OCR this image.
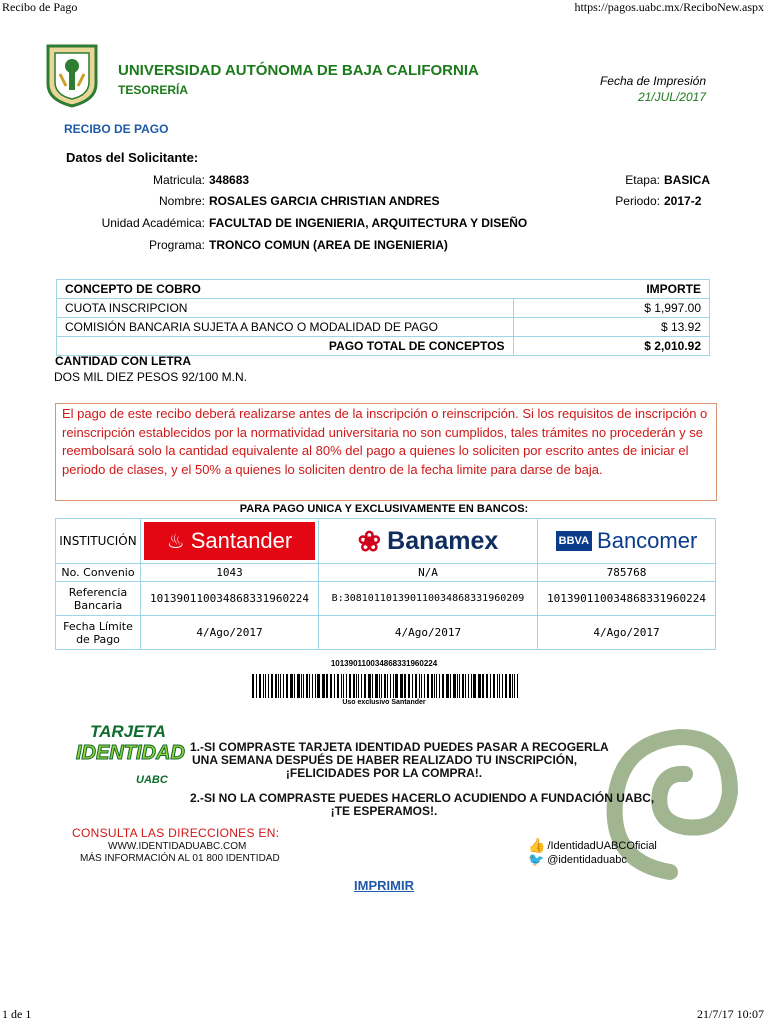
Recibo de Pago	https://pagos.uabc.mx/ReciboNew.aspx
1 de 1	21/7/17 10:07
UNIVERSIDAD AUTÓNOMA DE BAJA CALIFORNIA
TESORERÍA
Fecha de Impresión
21/JUL/2017
RECIBO DE PAGO
Datos del Solicitante:
Matricula: 348683
Nombre: ROSALES GARCIA CHRISTIAN ANDRES
Unidad Académica: FACULTAD DE INGENIERIA, ARQUITECTURA Y DISEÑO
Programa: TRONCO COMUN (AREA DE INGENIERIA)
Etapa: BASICA
Periodo: 2017-2
CONCEPTO DE COBRO	IMPORTE
CUOTA INSCRIPCION	$ 1,997.00
COMISIÓN BANCARIA SUJETA A BANCO O MODALIDAD DE PAGO	$ 13.92
PAGO TOTAL DE CONCEPTOS	$ 2,010.92
CANTIDAD CON LETRA
DOS MIL DIEZ PESOS 92/100 M.N.
El pago de este recibo deberá realizarse antes de la inscripción o reinscripción. Si los requisitos de inscripción o reinscripción establecidos por la normatividad universitaria no son cumplidos, tales trámites no procederán y se reembolsará solo la cantidad equivalente al 80% del pago a quienes lo soliciten por escrito antes de iniciar el periodo de clases, y el 50% a quienes lo soliciten dentro de la fecha limite para darse de baja.
PARA PAGO UNICA Y EXCLUSIVAMENTE EN BANCOS:
INSTITUCIÓN	♨ Santander	❀ Banamex	BBVA Bancomer

No. Convenio	1043	N/A	785768
Referencia Bancaria	101390110034868331960224	B:308101101390110034868331960209	101390110034868331960224
Fecha Límite de Pago	4/Ago/2017	4/Ago/2017	4/Ago/2017
101390110034868331960224
Uso exclusivo Santander
TARJETA
IDENTIDAD
UABC
1.-SI COMPRASTE TARJETA IDENTIDAD PUEDES PASAR A RECOGERLA
UNA SEMANA DESPUÉS DE HABER REALIZADO TU INSCRIPCIÓN,
¡FELICIDADES POR LA COMPRA!.
2.-SI NO LA COMPRASTE PUEDES HACERLO ACUDIENDO A FUNDACIÓN UABC,
¡TE ESPERAMOS!.
CONSULTA LAS DIRECCIONES EN:
WWW.IDENTIDADUABC.COM
MÁS INFORMACIÓN AL 01 800 IDENTIDAD
👍 /IdentidadUABCOficial
🐦 @identidaduabc
IMPRIMIR
